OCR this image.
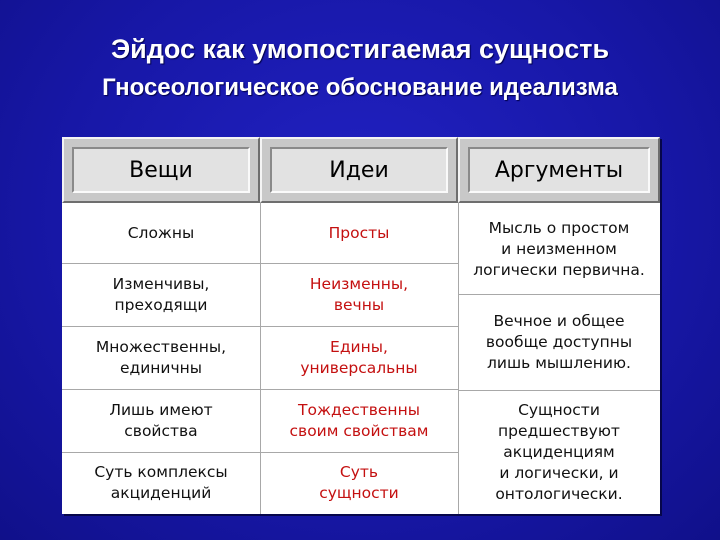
Эйдос как умопостигаемая сущность
Гносеологическое обоснование идеализма
Вещи	Идеи	Аргументы
Сложны
Изменчивы,
преходящи
Множественны,
единичны
Лишь имеют
свойства
Суть комплексы
акциденций
Просты
Неизменны,
вечны
Едины,
универсальны
Тождественны
своим свойствам
Суть
сущности
Мысль о простом
и неизменном
логически первична.
Вечное и общее
вообще доступны
лишь мышлению.
Сущности
предшествуют
акциденциям
и логически, и
онтологически.
